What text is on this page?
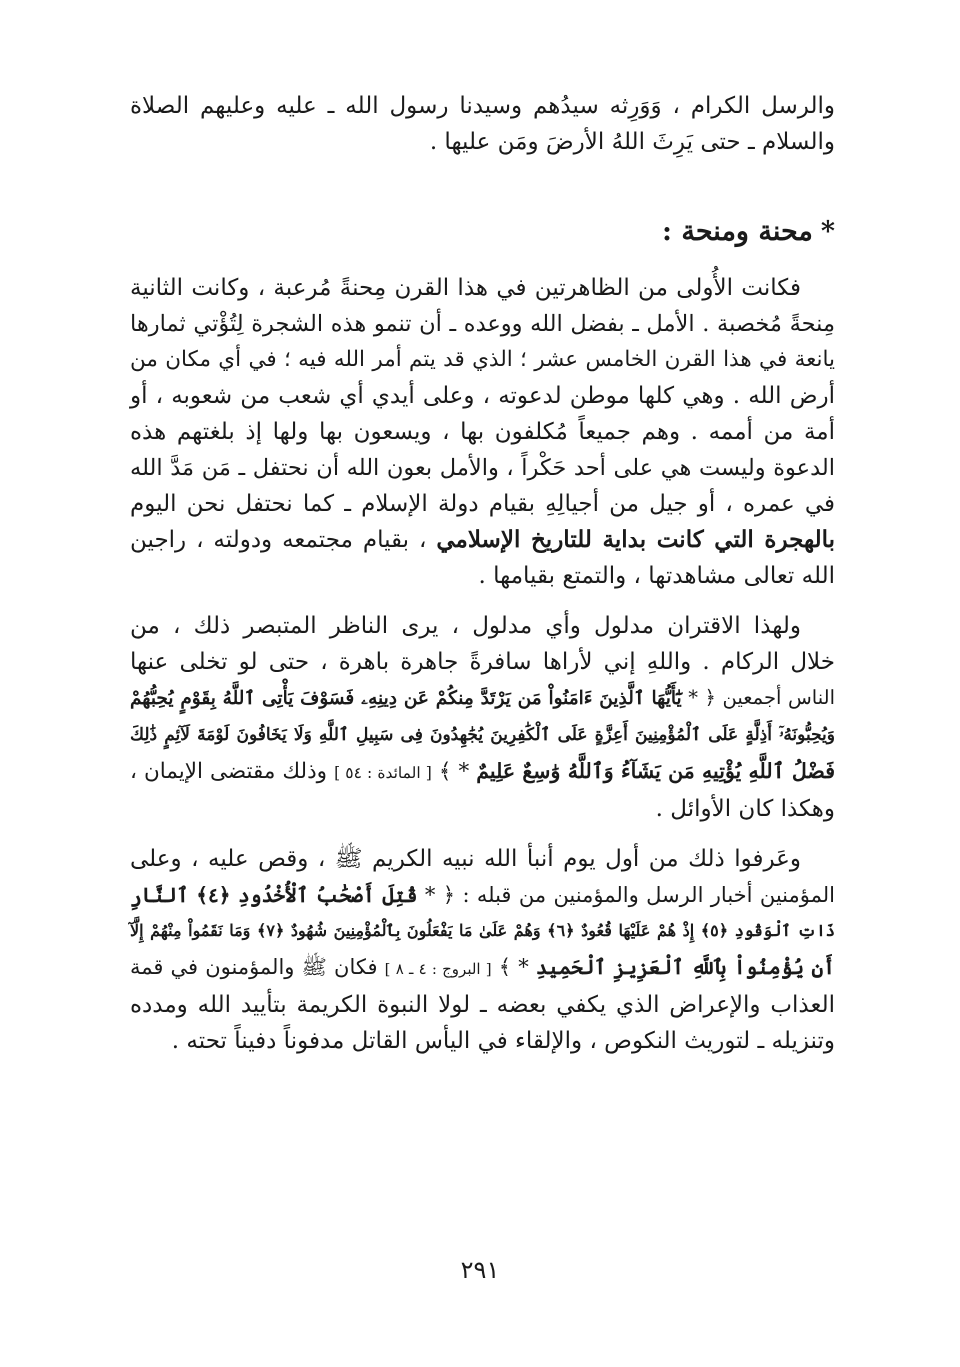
والرسل الكرام ، وَوَرِثه سيدُهم وسيدنا رسول الله ـ عليه وعليهم الصلاة
والسلام ـ حتى يَرِثَ اللهُ الأرضَ ومَن عليها .
*محنة ومنحة :
فكانت الأُولى من الظاهرتين في هذا القرن مِحنةً مُرعبة ، وكانت الثانية
مِنحةً مُخصبة . الأمل ـ بفضل الله ووعده ـ أن تنمو هذه الشجرة لِتُؤْتي ثمارها
يانعة في هذا القرن الخامس عشر ؛ الذي قد يتم أمر الله فيه ؛ في أي مكان من
أرض الله . وهي كلها موطن لدعوته ، وعلى أيدي أي شعب من شعوبه ، أو
أمة من أممه . وهم جميعاً مُكلفون بها ، ويسعون بها ولها إذ بلغتهم هذه
الدعوة وليست هي على أحد حَكْراً ، والأمل بعون الله أن نحتفل ـ مَن مَدَّ الله
في عمره ، أو جيل من أجيالِهِ بقيام دولة الإسلام ـ كما نحتفل نحن اليوم
بالهجرة التي كانت بداية للتاريخ الإسلامي ، بقيام مجتمعه ودولته ، راجين
الله تعالى مشاهدتها ، والتمتع بقيامها .
ولهذا الاقتران مدلول وأي مدلول ، يرى الناظر المتبصر ذلك ، من
خلال الركام . واللهِ إني لأراها سافرةً جاهرة باهرة ، حتى لو تخلى عنها
الناس أجمعين ﴿ * يَٰٓأَيُّهَا ٱلَّذِينَ ءَامَنُواْ مَن يَرْتَدَّ مِنكُمْ عَن دِينِهِۦ فَسَوْفَ يَأْتِى ٱللَّهُ بِقَوْمٍ يُحِبُّهُمْ
وَيُحِبُّونَهُۥٓ أَذِلَّةٍ عَلَى ٱلْمُؤْمِنِينَ أَعِزَّةٍ عَلَى ٱلْكَٰفِرِينَ يُجَٰهِدُونَ فِى سَبِيلِ ٱللَّهِ وَلَا يَخَافُونَ لَوْمَةَ لَآئِمٍ ذَٰلِكَ
فَضْلُ ٱللَّهِ يُؤْتِيهِ مَن يَشَآءُ وَٱللَّهُ وَٰسِعٌ عَلِيمٌ * ﴾ [ المائدة : ٥٤ ] وذلك مقتضى الإيمان ،
وهكذا كان الأوائل .
وعَرفوا ذلك من أول يوم أنبأ الله نبيه الكريم ﷺ ، وقص عليه ، وعلى
المؤمنين أخبار الرسل والمؤمنين من قبله : ﴿ * قُتِلَ أَصْحَٰبُ ٱلْأُخْدُودِ ﴿٤﴾ ٱلنَّارِ
ذَاتِ ٱلْوَقُودِ ﴿٥﴾ إِذْ هُمْ عَلَيْهَا قُعُودٌ ﴿٦﴾ وَهُمْ عَلَىٰ مَا يَفْعَلُونَ بِٱلْمُؤْمِنِينَ شُهُودٌ ﴿٧﴾ وَمَا نَقَمُواْ مِنْهُمْ إِلَّآ
أَن يُؤْمِنُواْ بِٱللَّهِ ٱلْعَزِيزِ ٱلْحَمِيدِ * ﴾ [ البروج : ٤ ـ ٨ ] فكان ﷺ والمؤمنون في قمة
العذاب والإعراض الذي يكفي بعضه ـ لولا النبوة الكريمة بتأييد الله ومدده
وتنزيله ـ لتوريث النكوص ، والإلقاء في اليأس القاتل مدفوناً دفيناً تحته .
٢٩١
